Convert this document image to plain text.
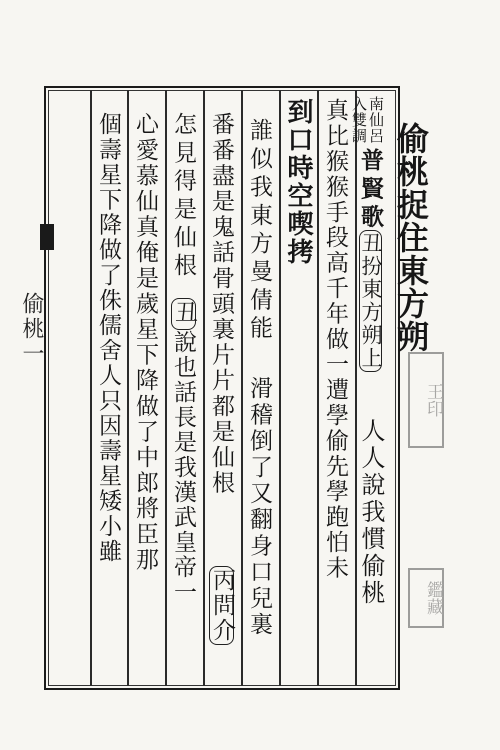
偷桃捉住東方朔
入雙調 南仙呂
普賢歌
丑扮東方朔上
人人說我慣偷桃
真比猴猴手段高千年做一遭學偷先學跑怕未
到口時空喫拷
誰似我東方曼倩能
滑稽倒了又翻身口兒裏
番番盡是鬼話骨頭裏片片都是仙根
丙問介
怎見得是仙根
丑
說也話長是我漢武皇帝一
心愛慕仙真俺是歲星下降做了中郎將臣那
個壽星下降做了侏儒舍人只因壽星矮小雖
偷桃一
王印
鑑藏
